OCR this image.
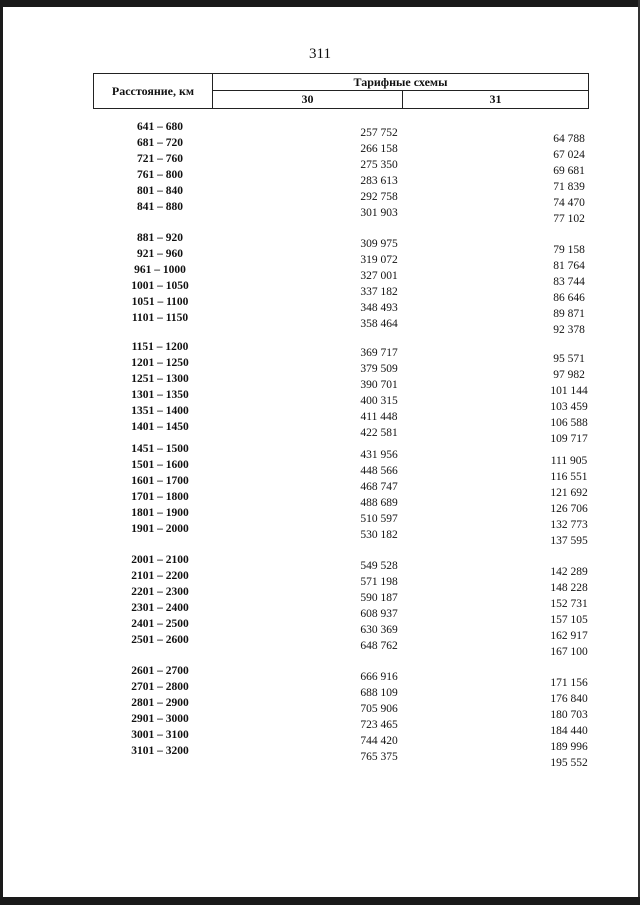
311
Расстояние, км
Тарифные схемы
30	31
641 – 680	257 752	64 788
681 – 720	266 158	67 024
721 – 760	275 350	69 681
761 – 800	283 613	71 839
801 – 840	292 758	74 470
841 – 880	301 903	77 102
881 – 920	309 975	79 158
921 – 960	319 072	81 764
961 – 1000	327 001	83 744
1001 – 1050	337 182	86 646
1051 – 1100	348 493	89 871
1101 – 1150	358 464	92 378
1151 – 1200	369 717	95 571
1201 – 1250	379 509	97 982
1251 – 1300	390 701	101 144
1301 – 1350	400 315	103 459
1351 – 1400	411 448	106 588
1401 – 1450	422 581	109 717
1451 – 1500	431 956	111 905
1501 – 1600	448 566	116 551
1601 – 1700	468 747	121 692
1701 – 1800	488 689	126 706
1801 – 1900	510 597	132 773
1901 – 2000	530 182	137 595
2001 – 2100	549 528	142 289
2101 – 2200	571 198	148 228
2201 – 2300	590 187	152 731
2301 – 2400	608 937	157 105
2401 – 2500	630 369	162 917
2501 – 2600	648 762	167 100
2601 – 2700	666 916	171 156
2701 – 2800	688 109	176 840
2801 – 2900	705 906	180 703
2901 – 3000	723 465	184 440
3001 – 3100	744 420	189 996
3101 – 3200	765 375	195 552
